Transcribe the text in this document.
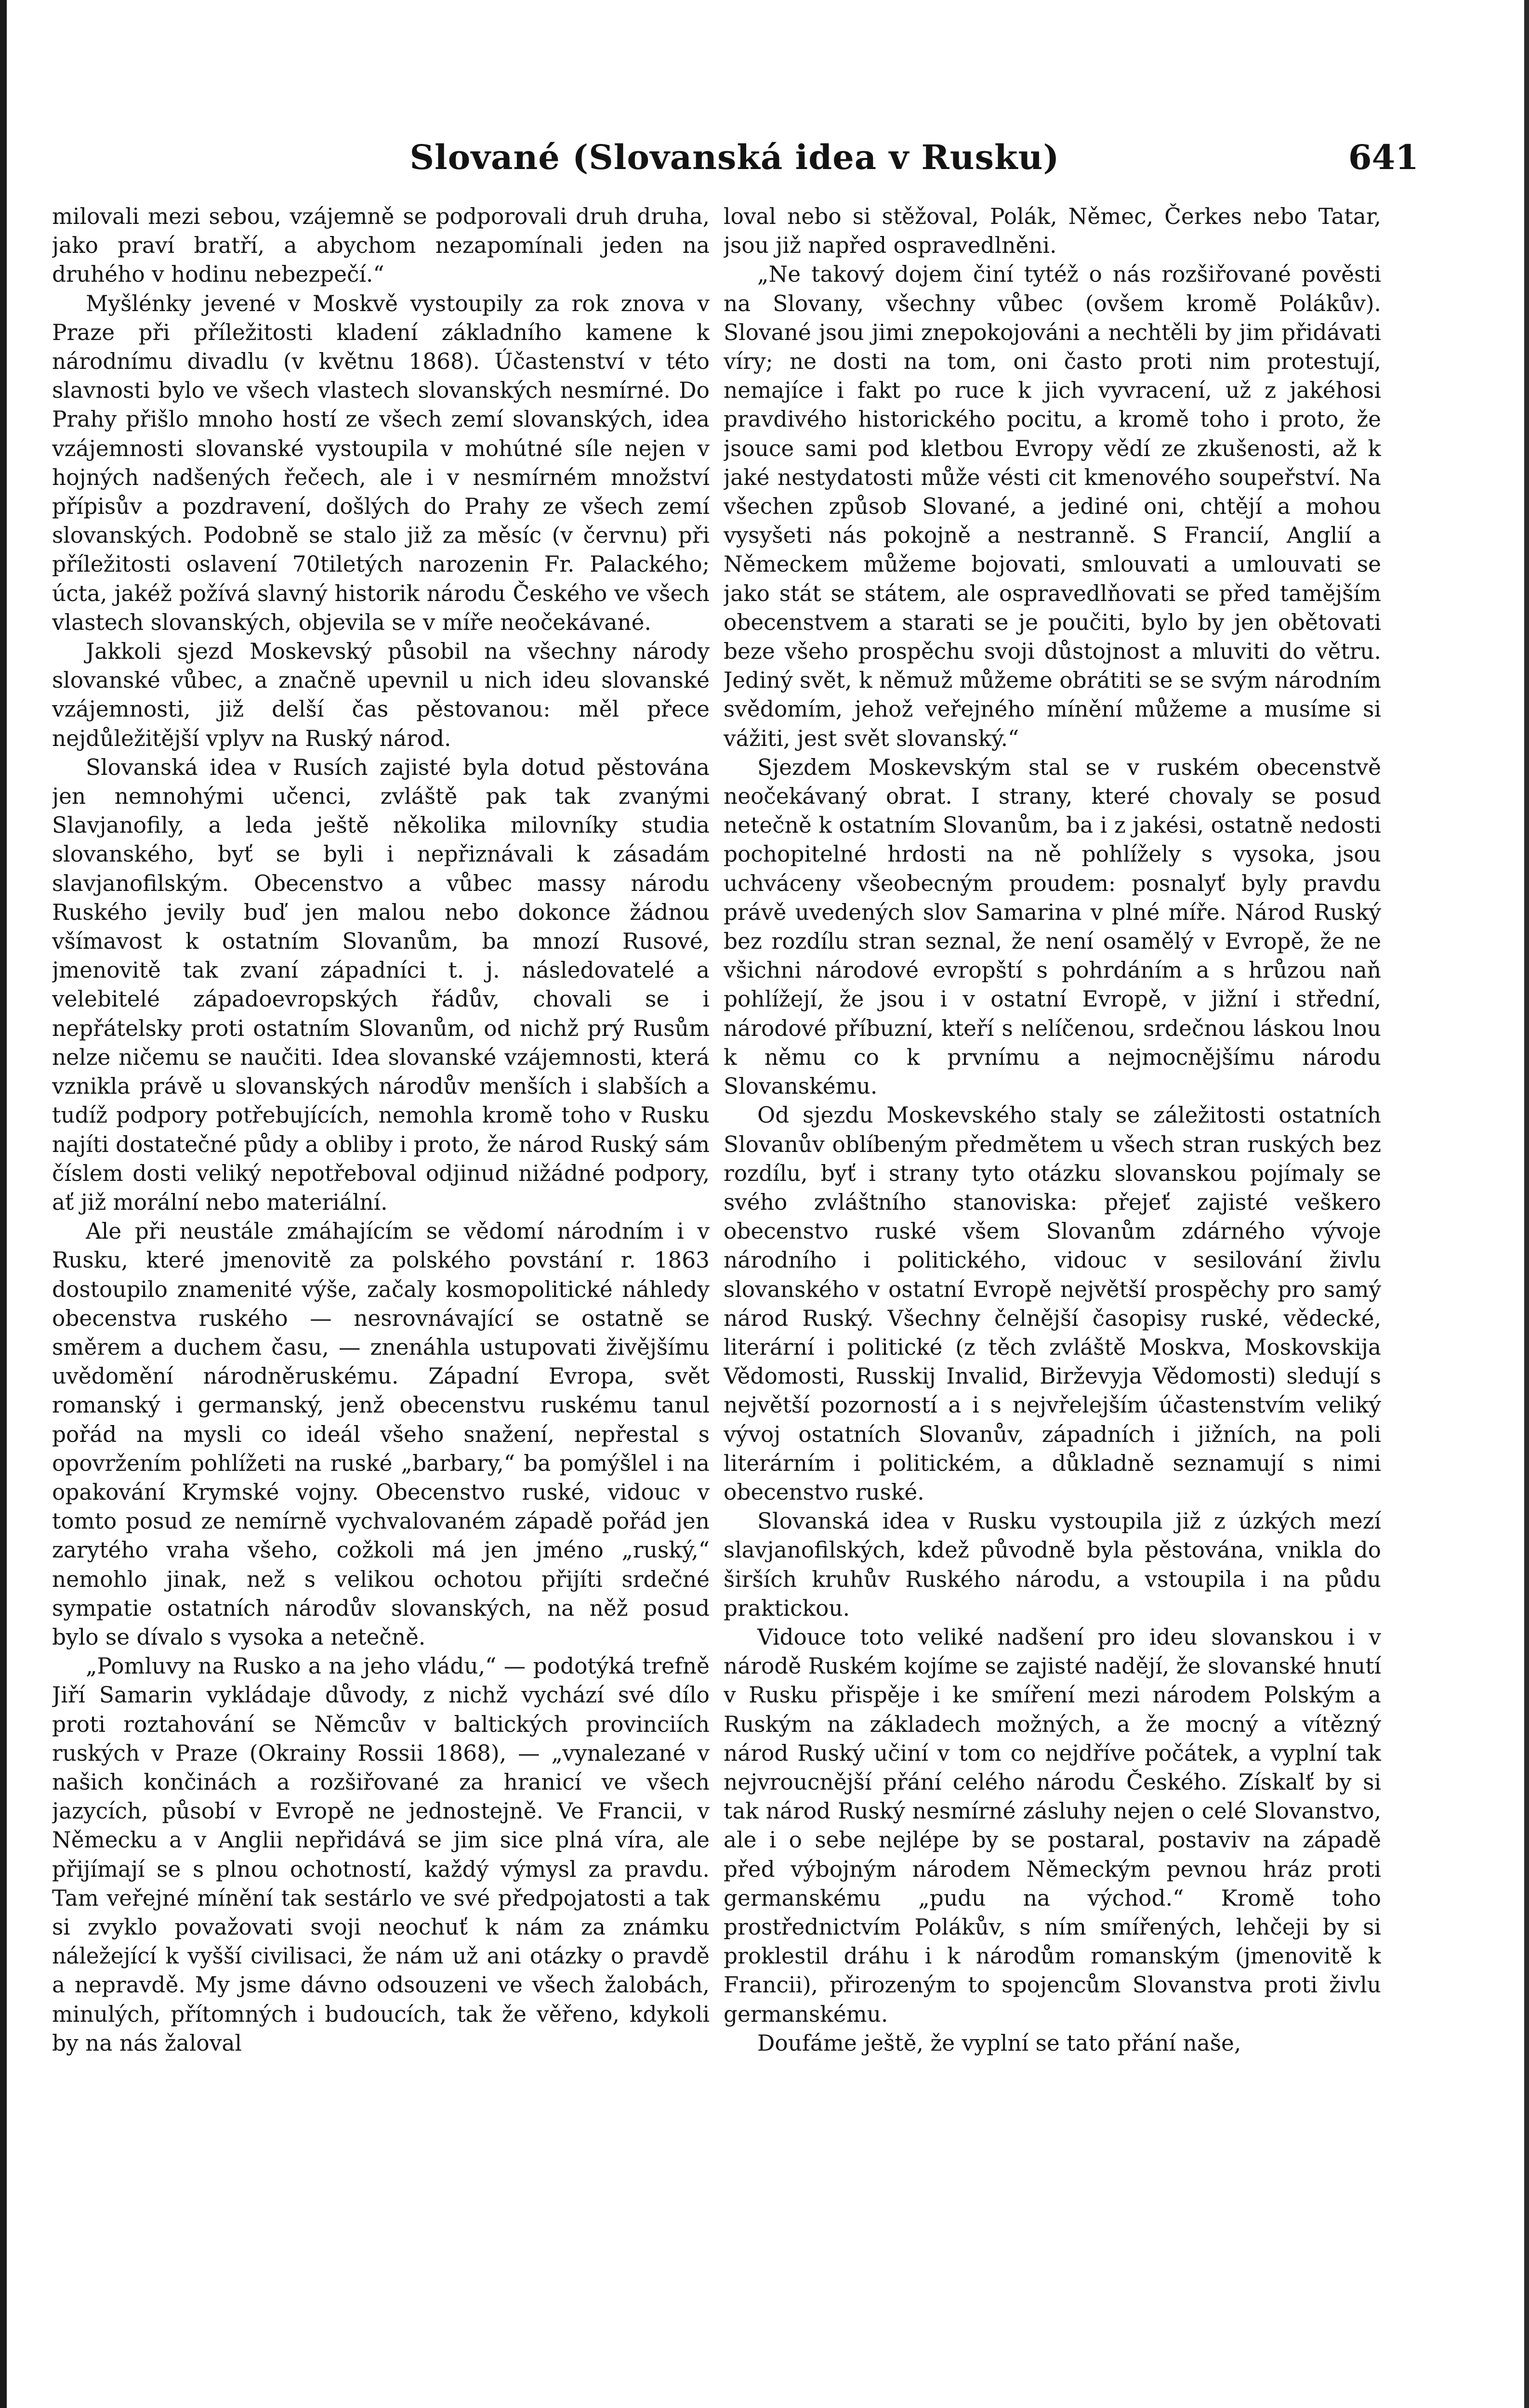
Slované (Slovanská idea v Rusku)	641

milovali mezi sebou, vzájemně se podporovali druh druha, jako praví bratří, a abychom nezapomínali jeden na druhého v hodinu nebezpečí.“

Myšlénky jevené v Moskvě vystoupily za rok znova v Praze při příležitosti kladení základního kamene k národnímu divadlu (v květnu 1868). Účastenství v této slavnosti bylo ve všech vlastech slovanských nesmírné. Do Prahy přišlo mnoho hostí ze všech zemí slovanských, idea vzájemnosti slovanské vystoupila v mohútné síle nejen v hojných nadšených řečech, ale i v nesmírném množství přípisův a pozdravení, došlých do Prahy ze všech zemí slovanských. Podobně se stalo již za měsíc (v červnu) při příležitosti oslavení 70tiletých narozenin Fr. Palackého; úcta, jakéž požívá slavný historik národu Českého ve všech vlastech slovanských, objevila se v míře neočekávané.

Jakkoli sjezd Moskevský působil na všechny národy slovanské vůbec, a značně upevnil u nich ideu slovanské vzájemnosti, již delší čas pěstovanou: měl přece nejdůležitější vplyv na Ruský národ.

Slovanská idea v Rusích zajisté byla dotud pěstována jen nemnohými učenci, zvláště pak tak zvanými Slavjanofily, a leda ještě několika milovníky studia slovanského, byť se byli i nepřiznávali k zásadám slavjanofilským. Obecenstvo a vůbec massy národu Ruského jevily buď jen malou nebo dokonce žádnou všímavost k ostatním Slovanům, ba mnozí Rusové, jmenovitě tak zvaní západníci t. j. následovatelé a velebitelé západoevropských řádův, chovali se i nepřátelsky proti ostatním Slovanům, od nichž prý Rusům nelze ničemu se naučiti. Idea slovanské vzájemnosti, která vznikla právě u slovanských národův menších i slabších a tudíž podpory potřebujících, nemohla kromě toho v Rusku najíti dostatečné půdy a obliby i proto, že národ Ruský sám číslem dosti veliký nepotřeboval odjinud nižádné podpory, ať již morální nebo materiální.

Ale při neustále zmáhajícím se vědomí národním i v Rusku, které jmenovitě za polského povstání r. 1863 dostoupilo znamenité výše, začaly kosmopolitické náhledy obecenstva ruského — nesrovnávající se ostatně se směrem a duchem času, — znenáhla ustupovati živějšímu uvědomění národněruskému. Západní Evropa, svět romanský i germanský, jenž obecenstvu ruskému tanul pořád na mysli co ideál všeho snažení, nepřestal s opovržením pohlížeti na ruské „barbary,“ ba pomýšlel i na opakování Krymské vojny. Obecenstvo ruské, vidouc v tomto posud ze nemírně vychvalovaném západě pořád jen zarytého vraha všeho, cožkoli má jen jméno „ruský,“ nemohlo jinak, než s velikou ochotou přijíti srdečné sympatie ostatních národův slovanských, na něž posud bylo se dívalo s vysoka a netečně.

„Pomluvy na Rusko a na jeho vládu,“ — podotýká trefně Jiří Samarin vykládaje důvody, z nichž vychází své dílo proti roztahování se Němcův v baltických provinciích ruských v Praze (Okrainy Rossii 1868), — „vynalezané v našich končinách a rozšiřované za hranicí ve všech jazycích, působí v Evropě ne jednostejně. Ve Francii, v Německu a v Anglii nepřidává se jim sice plná víra, ale přijímají se s plnou ochotností, každý výmysl za pravdu. Tam veřejné mínění tak sestárlo ve své předpojatosti a tak si zvyklo považovati svoji neochuť k nám za známku náležející k vyšší civilisaci, že nám už ani otázky o pravdě a nepravdě. My jsme dávno odsouzeni ve všech žalobách, minulých, přítomných i budoucích, tak že věřeno, kdykoli by na nás žaloval

loval nebo si stěžoval, Polák, Němec, Čerkes nebo Tatar, jsou již napřed ospravedlněni.

„Ne takový dojem činí tytéž o nás rozšiřované pověsti na Slovany, všechny vůbec (ovšem kromě Polákův). Slované jsou jimi znepokojováni a nechtěli by jim přidávati víry; ne dosti na tom, oni často proti nim protestují, nemajíce i fakt po ruce k jich vyvracení, už z jakéhosi pravdivého historického pocitu, a kromě toho i proto, že jsouce sami pod kletbou Evropy vědí ze zkušenosti, až k jaké nestydatosti může vésti cit kmenového soupeřství. Na všechen způsob Slované, a jediné oni, chtějí a mohou vysyšeti nás pokojně a nestranně. S Francií, Anglií a Německem můžeme bojovati, smlouvati a umlouvati se jako stát se státem, ale ospravedlňovati se před tamějším obecenstvem a starati se je poučiti, bylo by jen obětovati beze všeho prospěchu svoji důstojnost a mluviti do větru. Jediný svět, k němuž můžeme obrátiti se se svým národním svědomím, jehož veřejného mínění můžeme a musíme si vážiti, jest svět slovanský.“

Sjezdem Moskevským stal se v ruském obecenstvě neočekávaný obrat. I strany, které chovaly se posud netečně k ostatním Slovanům, ba i z jakési, ostatně nedosti pochopitelné hrdosti na ně pohlížely s vysoka, jsou uchváceny všeobecným proudem: posnalyť byly pravdu právě uvedených slov Samarina v plné míře. Národ Ruský bez rozdílu stran seznal, že není osamělý v Evropě, že ne všichni národové evropští s pohrdáním a s hrůzou naň pohlížejí, že jsou i v ostatní Evropě, v jižní i střední, národové příbuzní, kteří s nelíčenou, srdečnou láskou lnou k němu co k prvnímu a nejmocnějšímu národu Slovanskému.

Od sjezdu Moskevského staly se záležitosti ostatních Slovanův oblíbeným předmětem u všech stran ruských bez rozdílu, byť i strany tyto otázku slovanskou pojímaly se svého zvláštního stanoviska: přejeť zajisté veškero obecenstvo ruské všem Slovanům zdárného vývoje národního i politického, vidouc v sesilování živlu slovanského v ostatní Evropě největší prospěchy pro samý národ Ruský. Všechny čelnější časopisy ruské, vědecké, literární i politické (z těch zvláště Moskva, Moskovskija Vědomosti, Russkij Invalid, Birževyja Vědomosti) sledují s největší pozorností a i s nejvřelejším účastenstvím veliký vývoj ostatních Slovanův, západních i jižních, na poli literárním i politickém, a důkladně seznamují s nimi obecenstvo ruské.

Slovanská idea v Rusku vystoupila již z úzkých mezí slavjanofilských, kdež původně byla pěstována, vnikla do širších kruhův Ruského národu, a vstoupila i na půdu praktickou.

Vidouce toto veliké nadšení pro ideu slovanskou i v národě Ruském kojíme se zajisté nadějí, že slovanské hnutí v Rusku přispěje i ke smíření mezi národem Polským a Ruským na základech možných, a že mocný a vítězný národ Ruský učiní v tom co nejdříve počátek, a vyplní tak nejvroucnější přání celého národu Českého. Získalť by si tak národ Ruský nesmírné zásluhy nejen o celé Slovanstvo, ale i o sebe nejlépe by se postaral, postaviv na západě před výbojným národem Německým pevnou hráz proti germanskému „pudu na východ.“ Kromě toho prostřednictvím Polákův, s ním smířených, lehčeji by si proklestil dráhu i k národům romanským (jmenovitě k Francii), přirozeným to spojencům Slovanstva proti živlu germanskému.

Doufáme ještě, že vyplní se tato přání naše,
